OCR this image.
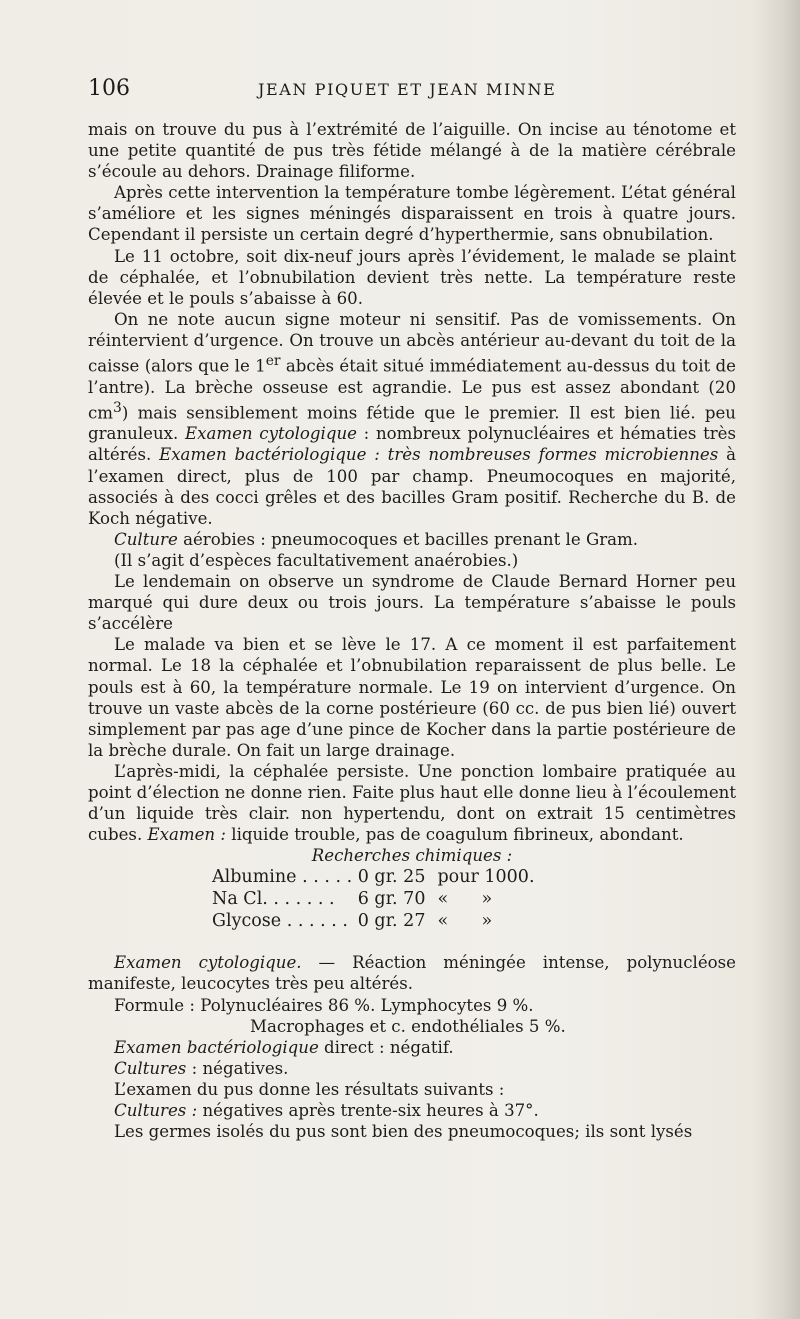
106	JEAN PIQUET ET JEAN MINNE

mais on trouve du pus à l’extrémité de l’aiguille. On incise au ténotome et une petite quantité de pus très fétide mélangé à de la matière cérébrale s’écoule au dehors. Drainage filiforme.

Après cette intervention la température tombe légèrement. L’état général s’améliore et les signes méningés disparaissent en trois à quatre jours. Cependant il persiste un certain degré d’hyperthermie, sans obnubilation.

Le 11 octobre, soit dix-neuf jours après l’évidement, le malade se plaint de céphalée, et l’obnubilation devient très nette. La température reste élevée et le pouls s’abaisse à 60.

On ne note aucun signe moteur ni sensitif. Pas de vomissements. On réintervient d’urgence. On trouve un abcès antérieur au-devant du toit de la caisse (alors que le 1er abcès était situé immédiatement au-dessus du toit de l’antre). La brèche osseuse est agrandie. Le pus est assez abondant (20 $cm^3$) mais sensiblement moins fétide que le premier. Il est bien lié. peu granuleux. Examen cytologique : nombreux polynucléaires et hématies très altérés. Examen bactériologique : très nombreuses formes microbiennes à l’examen direct, plus de 100 par champ. Pneumocoques en majorité, associés à des cocci grêles et des bacilles Gram positif. Recherche du B. de Koch négative.

Culture aérobies : pneumocoques et bacilles prenant le Gram.

(Il s’agit d’espèces facultativement anaérobies.)

Le lendemain on observe un syndrome de Claude Bernard Horner peu marqué qui dure deux ou trois jours. La température s’abaisse le pouls s’accélère

Le malade va bien et se lève le 17. A ce moment il est parfaitement normal. Le 18 la céphalée et l’obnubilation reparaissent de plus belle. Le pouls est à 60, la température normale. Le 19 on intervient d’urgence. On trouve un vaste abcès de la corne postérieure (60 cc. de pus bien lié) ouvert simplement par pas age d’une pince de Kocher dans la partie postérieure de la brèche durale. On fait un large drainage.

L’après-midi, la céphalée persiste. Une ponction lombaire pratiquée au point d’élection ne donne rien. Faite plus haut elle donne lieu à l’écoulement d’un liquide très clair. non hypertendu, dont on extrait 15 centimètres cubes. Examen : liquide trouble, pas de coagulum fibrineux, abondant.

Recherches chimiques :

Albumine . . . . .	0 gr. 25	pour 1000.
Na Cl. . . . . . .	6 gr. 70	«      »
Glycose . . . . . .	0 gr. 27	«      »

Examen cytologique. — Réaction méningée intense, polynucléose manifeste, leucocytes très peu altérés.

Formule : Polynucléaires 86 %. Lymphocytes 9 %.
Macrophages et c. endothéliales 5 %.
Examen bactériologique direct : négatif.
Cultures : négatives.
L’examen du pus donne les résultats suivants :
Cultures : négatives après trente-six heures à 37°.
Les germes isolés du pus sont bien des pneumocoques; ils sont lysés
